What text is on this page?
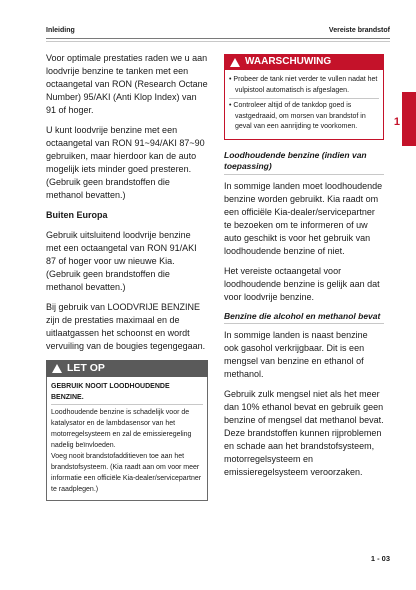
Inleiding	Vereiste brandstof
1

Voor optimale prestaties raden we u aan loodvrije benzine te tanken met een octaangetal van RON (Research Octane Number) 95/AKI (Anti Klop Index) van 91 of hoger.

U kunt loodvrije benzine met een octaangetal van RON 91~94/AKI 87~90 gebruiken, maar hierdoor kan de auto mogelijk iets minder goed presteren. (Gebruik geen brandstoffen die methanol bevatten.)

Buiten Europa

Gebruik uitsluitend loodvrije benzine met een octaangetal van RON 91/AKI 87 of hoger voor uw nieuwe Kia. (Gebruik geen brandstoffen die methanol bevatten.)

Bij gebruik van LOODVRIJE BENZINE zijn de prestaties maximaal en de uitlaatgassen het schoonst en wordt vervuiling van de bougies tegengegaan.

LET OP

GEBRUIK NOOIT LOODHOUDENDE BENZINE.

Loodhoudende benzine is schadelijk voor de katalysator en de lambdasensor van het motorregelsysteem en zal de emissieregeling nadelig beïnvloeden.

Voeg nooit brandstofadditieven toe aan het brandstofsysteem. (Kia raadt aan om voor meer informatie een officiële Kia-dealer/servicepartner te raadplegen.)

WAARSCHUWING

• Probeer de tank niet verder te vullen nadat het vulpistool automatisch is afgeslagen.

• Controleer altijd of de tankdop goed is vastgedraaid, om morsen van brandstof in geval van een aanrijding te voorkomen.

Loodhoudende benzine (indien van toepassing)

In sommige landen moet loodhoudende benzine worden gebruikt. Kia raadt om een officiële Kia-dealer/servicepartner te bezoeken om te informeren of uw auto geschikt is voor het gebruik van loodhoudende benzine of niet.

Het vereiste octaangetal voor loodhoudende benzine is gelijk aan dat voor loodvrije benzine.

Benzine die alcohol en methanol bevat

In sommige landen is naast benzine ook gasohol verkrijgbaar. Dit is een mengsel van benzine en ethanol of methanol.

Gebruik zulk mengsel niet als het meer dan 10% ethanol bevat en gebruik geen benzine of mengsel dat methanol bevat. Deze brandstoffen kunnen rijproblemen en schade aan het brandstofsysteem, motorregelsysteem en emissieregelsysteem veroorzaken.

1 - 03
